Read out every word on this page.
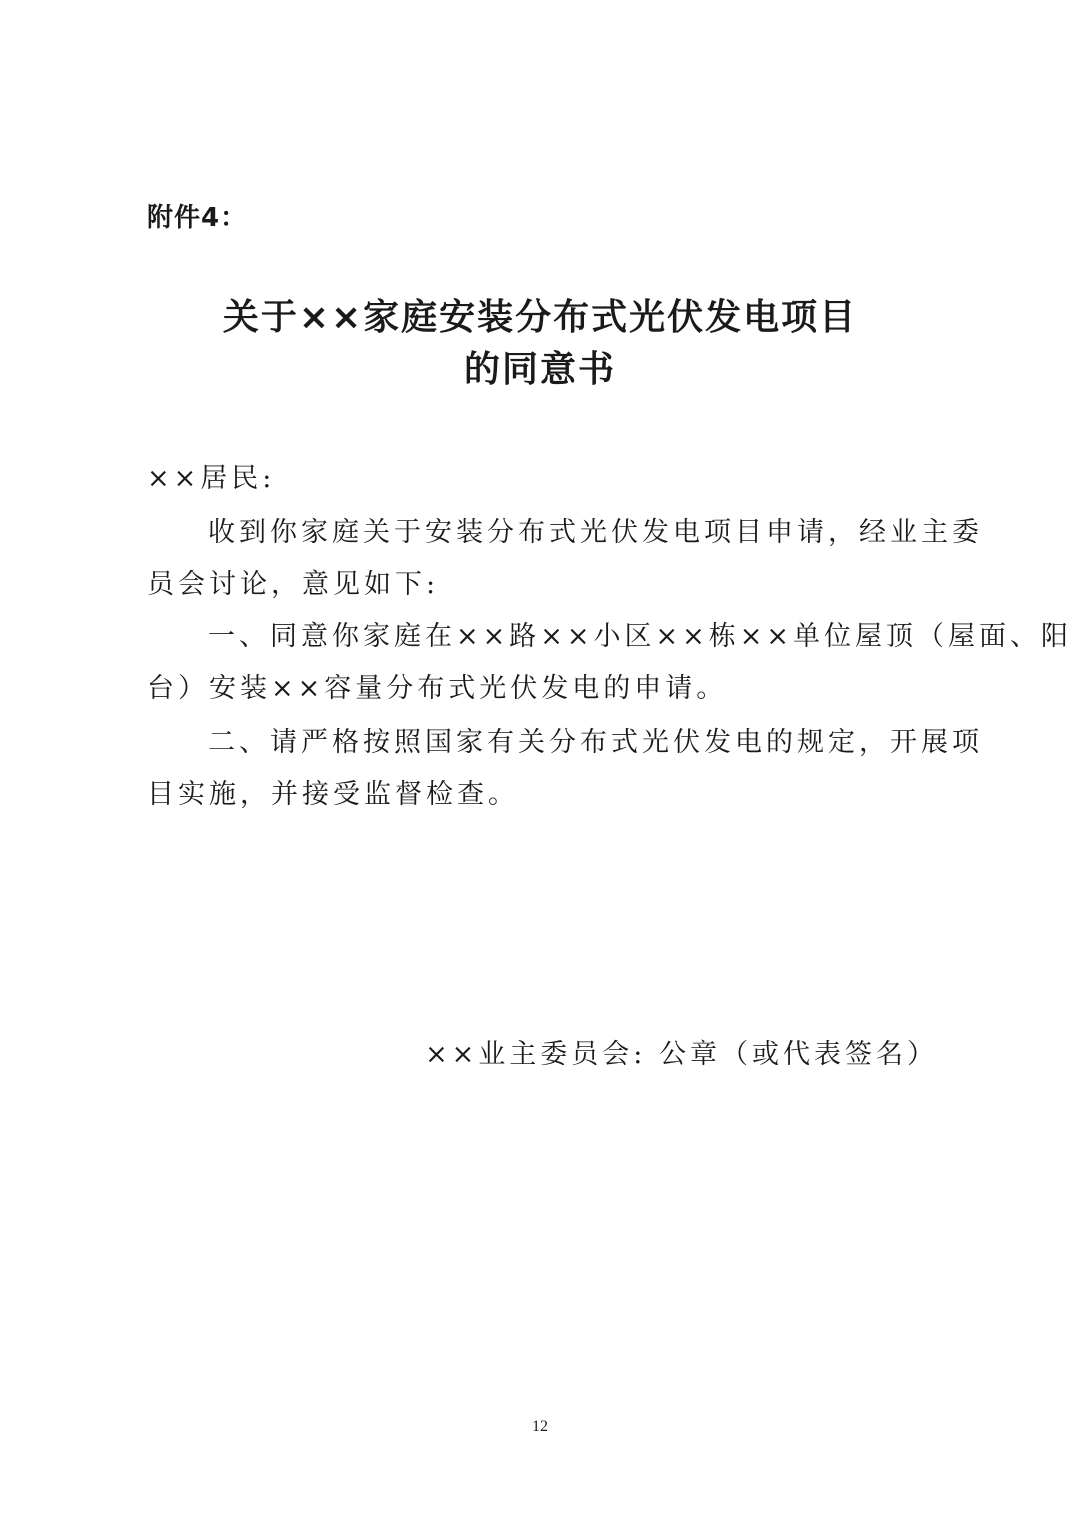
附件4：
关于××家庭安装分布式光伏发电项目
的同意书
××居民:
收到你家庭关于安装分布式光伏发电项目申请，经业主委
员会讨论，意见如下:
一、同意你家庭在××路××小区××栋××单位屋顶（屋面、阳
台）安装××容量分布式光伏发电的申请。
二、请严格按照国家有关分布式光伏发电的规定，开展项
目实施，并接受监督检查。
××业主委员会: 公章（或代表签名）
12
